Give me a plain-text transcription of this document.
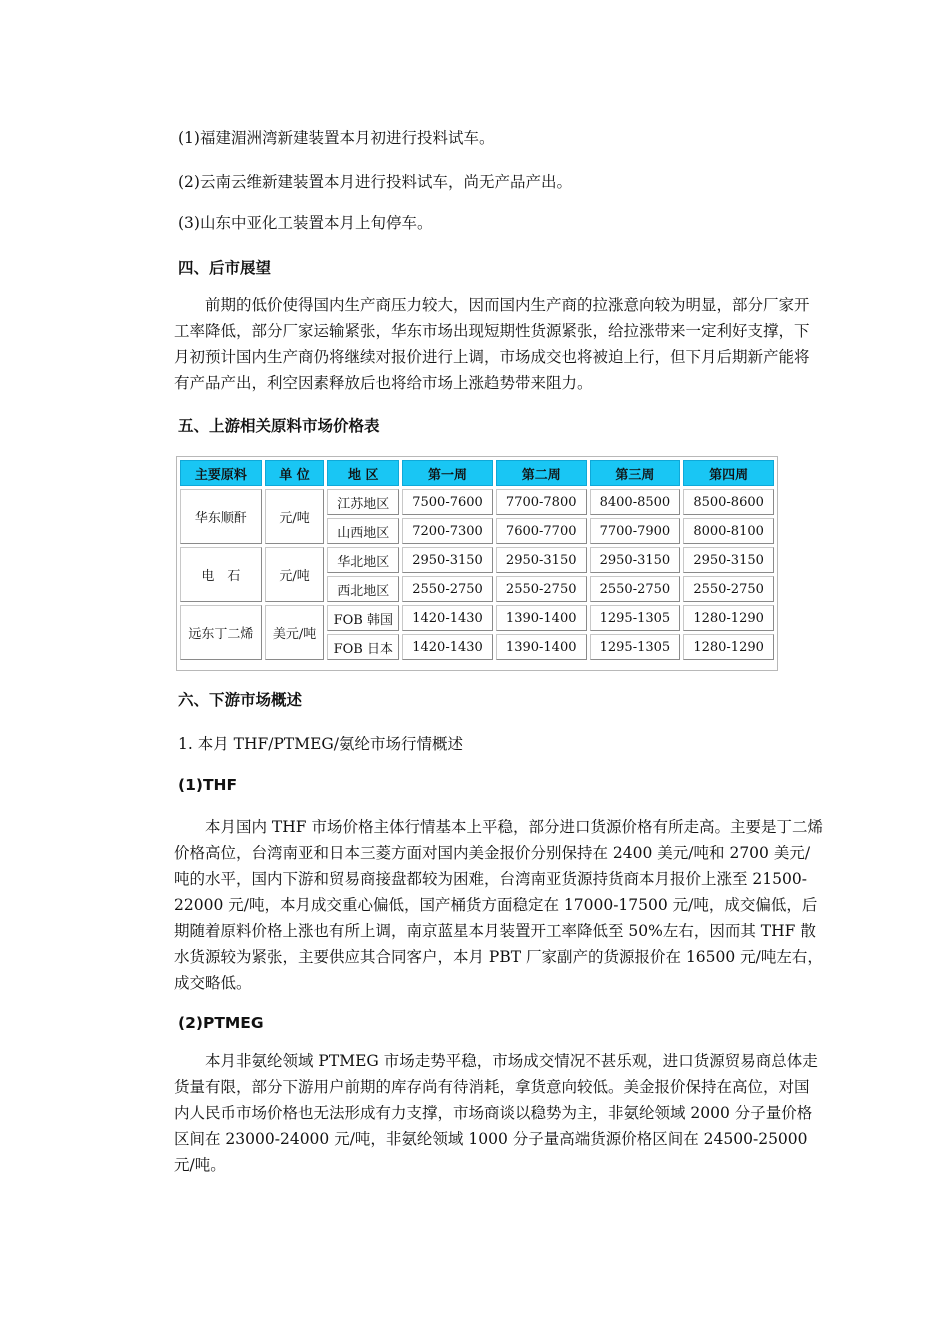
(1)福建湄洲湾新建装置本月初进行投料试车。

(2)云南云维新建装置本月进行投料试车，尚无产品产出。

(3)山东中亚化工装置本月上旬停车。

四、后市展望

前期的低价使得国内生产商压力较大，因而国内生产商的拉涨意向较为明显，部分厂家开工率降低，部分厂家运输紧张，华东市场出现短期性货源紧张，给拉涨带来一定利好支撑，下月初预计国内生产商仍将继续对报价进行上调，市场成交也将被迫上行，但下月后期新产能将有产品产出，利空因素释放后也将给市场上涨趋势带来阻力。

五、上游相关原料市场价格表

主要原料	单 位	地 区	第一周	第二周	第三周	第四周
华东顺酐	元/吨	江苏地区	7500-7600	7700-7800	8400-8500	8500-8600
		山西地区	7200-7300	7600-7700	7700-7900	8000-8100
电　石	元/吨	华北地区	2950-3150	2950-3150	2950-3150	2950-3150
		西北地区	2550-2750	2550-2750	2550-2750	2550-2750
远东丁二烯	美元/吨	FOB 韩国	1420-1430	1390-1400	1295-1305	1280-1290
		FOB 日本	1420-1430	1390-1400	1295-1305	1280-1290

六、下游市场概述

1. 本月 THF/PTMEG/氨纶市场行情概述

(1)THF

本月国内 THF 市场价格主体行情基本上平稳，部分进口货源价格有所走高。主要是丁二烯价格高位，台湾南亚和日本三菱方面对国内美金报价分别保持在 2400 美元/吨和 2700 美元/吨的水平，国内下游和贸易商接盘都较为困难，台湾南亚货源持货商本月报价上涨至 21500-22000 元/吨，本月成交重心偏低，国产桶货方面稳定在 17000-17500 元/吨，成交偏低，后期随着原料价格上涨也有所上调，南京蓝星本月装置开工率降低至 50%左右，因而其 THF 散水货源较为紧张，主要供应其合同客户，本月 PBT 厂家副产的货源报价在 16500 元/吨左右，成交略低。

(2)PTMEG

本月非氨纶领域 PTMEG 市场走势平稳，市场成交情况不甚乐观，进口货源贸易商总体走货量有限，部分下游用户前期的库存尚有待消耗，拿货意向较低。美金报价保持在高位，对国内人民币市场价格也无法形成有力支撑，市场商谈以稳势为主，非氨纶领域 2000 分子量价格区间在 23000-24000 元/吨，非氨纶领域 1000 分子量高端货源价格区间在 24500-25000 元/吨。
